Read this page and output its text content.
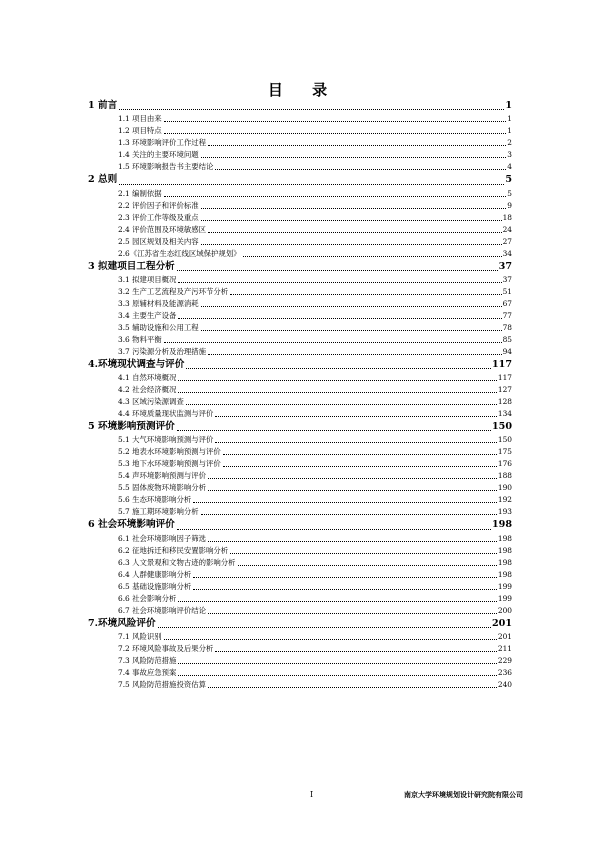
目 录
1 前言	1
1.1 项目由来	1
1.2 项目特点	1
1.3 环境影响评价工作过程	2
1.4 关注的主要环境问题	3
1.5 环境影响报告书主要结论	4
2 总则	5
2.1 编制依据	5
2.2 评价因子和评价标准	9
2.3 评价工作等级及重点	18
2.4 评价范围及环境敏感区	24
2.5 园区规划及相关内容	27
2.6《江苏省生态红线区域保护规划》	34
3 拟建项目工程分析	37
3.1 拟建项目概况	37
3.2 生产工艺流程及产污环节分析	51
3.3 原辅材料及能源消耗	67
3.4 主要生产设备	77
3.5 辅助设施和公用工程	78
3.6 物料平衡	85
3.7 污染源分析及治理措施	94
4.环境现状调查与评价	117
4.1 自然环境概况	117
4.2 社会经济概况	127
4.3 区域污染源调查	128
4.4 环境质量现状监测与评价	134
5 环境影响预测评价	150
5.1 大气环境影响预测与评价	150
5.2 地表水环境影响预测与评价	175
5.3 地下水环境影响预测与评价	176
5.4 声环境影响预测与评价	188
5.5 固体废物环境影响分析	190
5.6 生态环境影响分析	192
5.7 施工期环境影响分析	193
6 社会环境影响评价	198
6.1 社会环境影响因子筛选	198
6.2 征地拆迁和移民安置影响分析	198
6.3 人文景观和文物古迹的影响分析	198
6.4 人群健康影响分析	198
6.5 基础设施影响分析	199
6.6 社会影响分析	199
6.7 社会环境影响评价结论	200
7.环境风险评价	201
7.1 风险识别	201
7.2 环境风险事故及后果分析	211
7.3 风险防范措施	229
7.4 事故应急预案	236
7.5 风险防范措施投资估算	240
I	南京大学环境规划设计研究院有限公司
